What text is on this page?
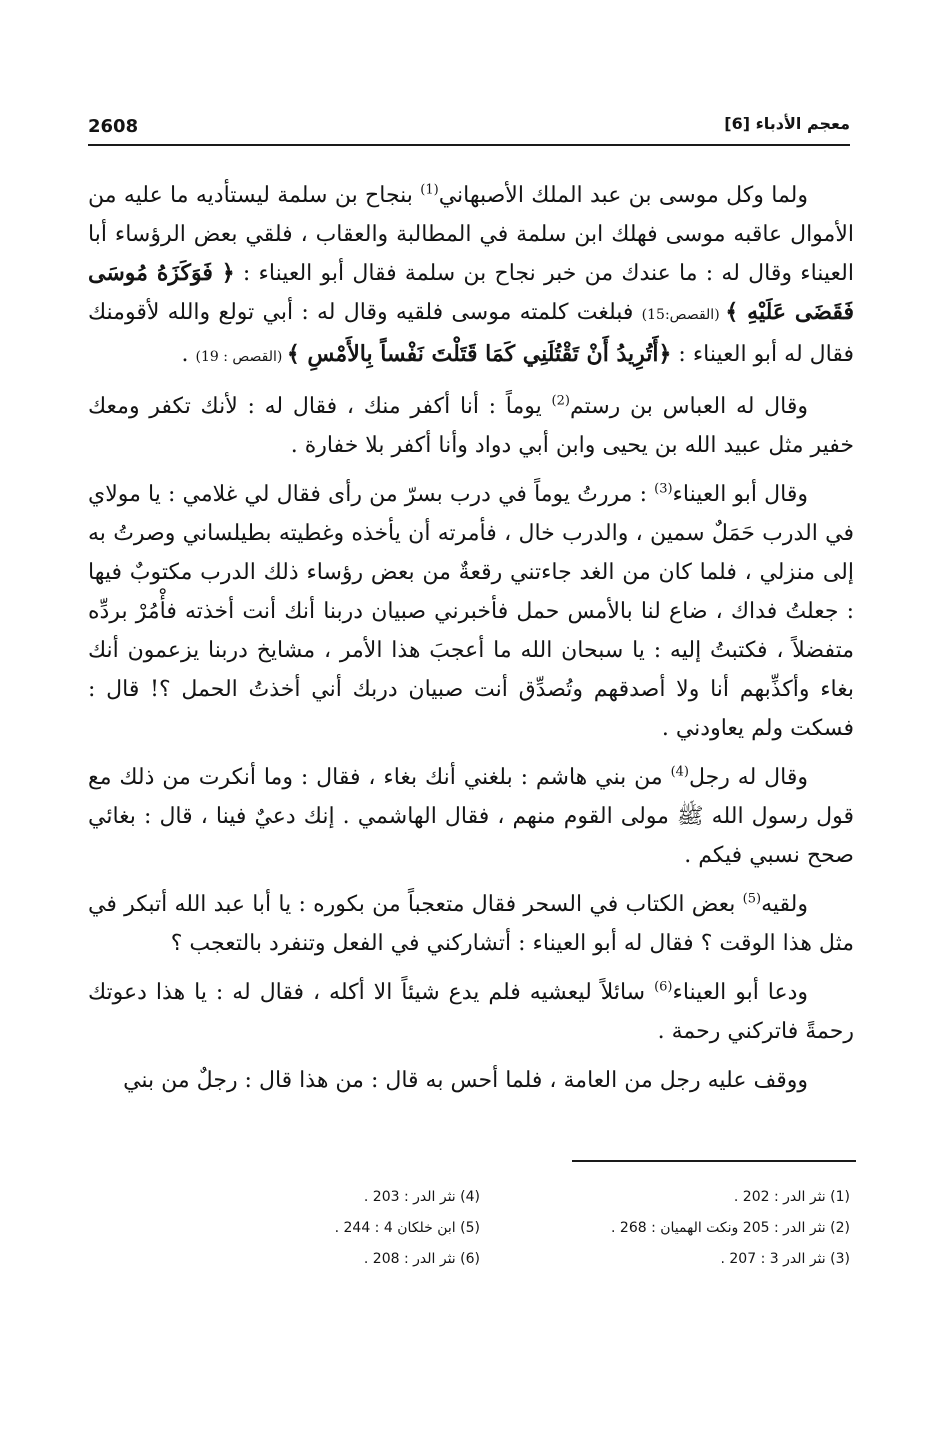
2608	معجم الأدباء [6]

ولما وكل موسى بن عبد الملك الأصبهاني$^{(1)}$ بنجاح بن سلمة ليستأديه ما عليه من الأموال عاقبه موسى فهلك ابن سلمة في المطالبة والعقاب ، فلقي بعض الرؤساء أبا العيناء وقال له : ما عندك من خبر نجاح بن سلمة فقال أبو العيناء : ﴿ فَوَكَزَهُ مُوسَى فَقَضَى عَلَيْهِ ﴾ (القصص:15) فبلغت كلمته موسى فلقيه وقال له : أبي تولع والله لأقومنك فقال له أبو العيناء : ﴿أَتُرِيدُ أَنْ تَقْتُلَنِي كَمَا قَتَلْتَ نَفْساً بِالأَمْسِ ﴾ (القصص : 19) .

وقال له العباس بن رستم$^{(2)}$ يوماً : أنا أكفر منك ، فقال له : لأنك تكفر ومعك خفير مثل عبيد الله بن يحيى وابن أبي دواد وأنا أكفر بلا خفارة .

وقال أبو العيناء$^{(3)}$ : مررتُ يوماً في درب بسرّ من رأى فقال لي غلامي : يا مولاي في الدرب حَمَلٌ سمين ، والدرب خال ، فأمرته أن يأخذه وغطيته بطيلساني وصرتُ به إلى منزلي ، فلما كان من الغد جاءتني رقعةٌ من بعض رؤساء ذلك الدرب مكتوبٌ فيها : جعلتُ فداك ، ضاع لنا بالأمس حمل فأخبرني صبيان دربنا أنك أنت أخذته فأْمُرْ بردِّه متفضلاً ، فكتبتُ إليه : يا سبحان الله ما أعجبَ هذا الأمر ، مشايخ دربنا يزعمون أنك بغاء وأكذِّبهم أنا ولا أصدقهم وتُصدِّق أنت صبيان دربك أني أخذتُ الحمل ؟! قال : فسكت ولم يعاودني .

وقال له رجل$^{(4)}$ من بني هاشم : بلغني أنك بغاء ، فقال : وما أنكرت من ذلك مع قول رسول الله ﷺ مولى القوم منهم ، فقال الهاشمي . إنك دعيٌ فينا ، قال : بغائي صحح نسبي فيكم .

ولقيه$^{(5)}$ بعض الكتاب في السحر فقال متعجباً من بكوره : يا أبا عبد الله أتبكر في مثل هذا الوقت ؟ فقال له أبو العيناء : أتشاركني في الفعل وتنفرد بالتعجب ؟

ودعا أبو العيناء$^{(6)}$ سائلاً ليعشيه فلم يدع شيئاً الا أكله ، فقال له : يا هذا دعوتك رحمةً فاتركني رحمة .

ووقف عليه رجل من العامة ، فلما أحس به قال : من هذا قال : رجلٌ من بني

(1) نثر الدر : 202 .
(2) نثر الدر : 205 ونكت الهميان : 268 .
(3) نثر الدر 3 : 207 .
(4) نثر الدر : 203 .
(5) ابن خلكان 4 : 244 .
(6) نثر الدر : 208 .
